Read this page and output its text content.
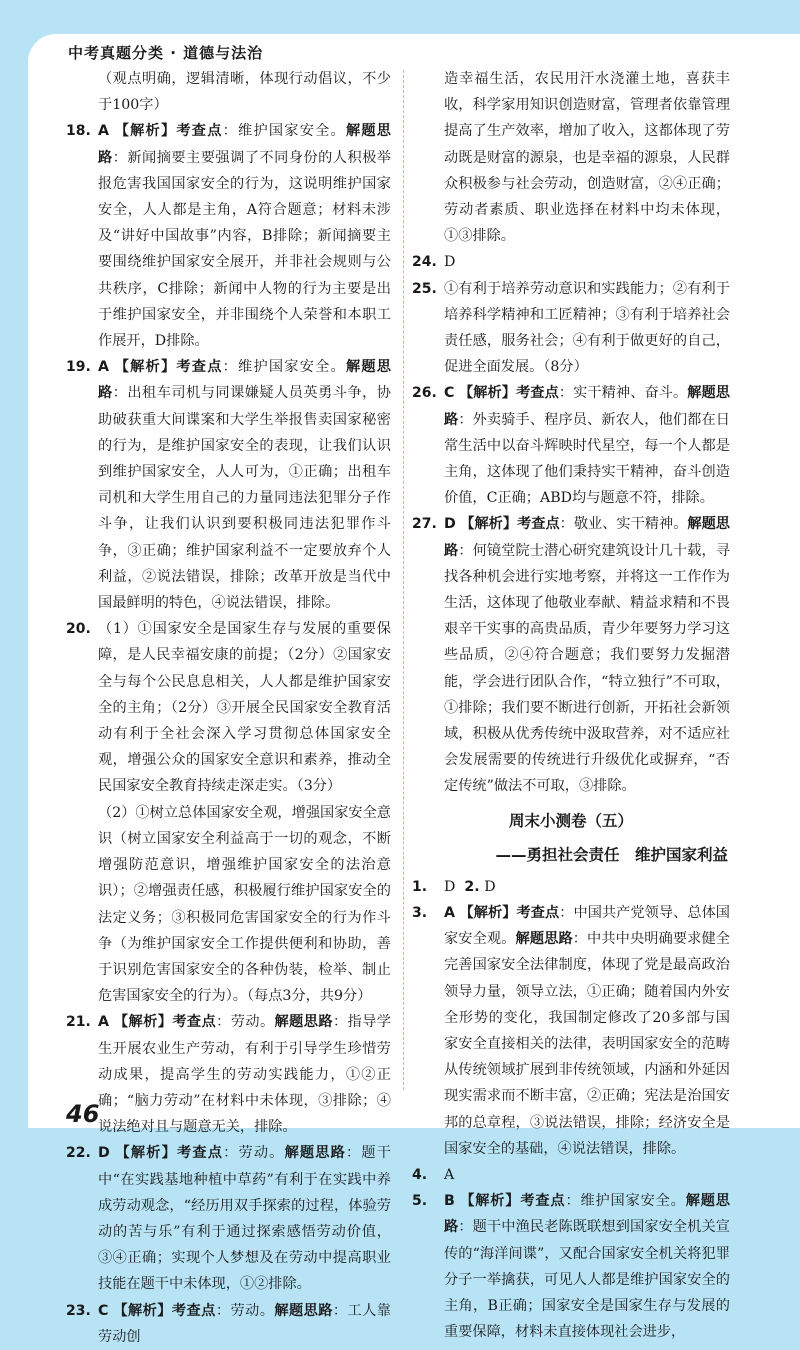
中考真题分类 · 道德与法治
（观点明确，逻辑清晰，体现行动倡议，不少于100字）
18. A 【解析】考查点：维护国家安全。解题思路：新闻摘要主要强调了不同身份的人积极举报危害我国国家安全的行为，这说明维护国家安全，人人都是主角，A符合题意；材料未涉及“讲好中国故事”内容，B排除；新闻摘要主要围绕维护国家安全展开，并非社会规则与公共秩序，C排除；新闻中人物的行为主要是出于维护国家安全，并非围绕个人荣誉和本职工作展开，D排除。
19. A 【解析】考查点：维护国家安全。解题思路：出租车司机与同课嫌疑人员英勇斗争，协助破获重大间谍案和大学生举报售卖国家秘密的行为，是维护国家安全的表现，让我们认识到维护国家安全，人人可为，①正确；出租车司机和大学生用自己的力量同违法犯罪分子作斗争，让我们认识到要积极同违法犯罪作斗争，③正确；维护国家利益不一定要放弃个人利益，②说法错误，排除；改革开放是当代中国最鲜明的特色，④说法错误，排除。
20. （1）①国家安全是国家生存与发展的重要保障，是人民幸福安康的前提；（2分）②国家安全与每个公民息息相关，人人都是维护国家安全的主角；（2分）③开展全民国家安全教育活动有利于全社会深入学习贯彻总体国家安全观，增强公众的国家安全意识和素养，推动全民国家安全教育持续走深走实。（3分）
（2）①树立总体国家安全观，增强国家安全意识（树立国家安全利益高于一切的观念，不断增强防范意识，增强维护国家安全的法治意识）；②增强责任感，积极履行维护国家安全的法定义务；③积极同危害国家安全的行为作斗争（为维护国家安全工作提供便利和协助，善于识别危害国家安全的各种伪装，检举、制止危害国家安全的行为）。（每点3分，共9分）
21. A 【解析】考查点：劳动。解题思路：指导学生开展农业生产劳动，有利于引导学生珍惜劳动成果，提高学生的劳动实践能力，①②正确；“脑力劳动”在材料中未体现，③排除；④说法绝对且与题意无关，排除。
22. D 【解析】考查点：劳动。解题思路：题干中“在实践基地种植中草药”有利于在实践中养成劳动观念，“经历用双手探索的过程，体验劳动的苦与乐”有利于通过探索感悟劳动价值，③④正确；实现个人梦想及在劳动中提高职业技能在题干中未体现，①②排除。
23. C 【解析】考查点：劳动。解题思路：工人靠劳动创
造幸福生活，农民用汗水浇灌土地，喜获丰收，科学家用知识创造财富，管理者依靠管理提高了生产效率，增加了收入，这都体现了劳动既是财富的源泉，也是幸福的源泉，人民群众积极参与社会劳动，创造财富，②④正确；劳动者素质、职业选择在材料中均未体现，①③排除。
24. D
25. ①有利于培养劳动意识和实践能力；②有利于培养科学精神和工匠精神；③有利于培养社会责任感，服务社会；④有利于做更好的自己，促进全面发展。（8分）
26. C 【解析】考查点：实干精神、奋斗。解题思路：外卖骑手、程序员、新农人，他们都在日常生活中以奋斗辉映时代星空，每一个人都是主角，这体现了他们秉持实干精神，奋斗创造价值，C正确；ABD均与题意不符，排除。
27. D 【解析】考查点：敬业、实干精神。解题思路：何镜堂院士潜心研究建筑设计几十载，寻找各种机会进行实地考察，并将这一工作作为生活，这体现了他敬业奉献、精益求精和不畏艰辛干实事的高贵品质，青少年要努力学习这些品质，②④符合题意；我们要努力发掘潜能，学会进行团队合作，“特立独行”不可取，①排除；我们要不断进行创新，开拓社会新领域，积极从优秀传统中汲取营养，对不适应社会发展需要的传统进行升级优化或摒弃，“否定传统”做法不可取，③排除。
周末小测卷（五）
——勇担社会责任　维护国家利益
1. D 2. D
3. A 【解析】考查点：中国共产党领导、总体国家安全观。解题思路：中共中央明确要求健全完善国家安全法律制度，体现了党是最高政治领导力量，领导立法，①正确；随着国内外安全形势的变化，我国制定修改了20多部与国家安全直接相关的法律，表明国家安全的范畴从传统领域扩展到非传统领域，内涵和外延因现实需求而不断丰富，②正确；宪法是治国安邦的总章程，③说法错误，排除；经济安全是国家安全的基础，④说法错误，排除。
4. A
5. B 【解析】考查点：维护国家安全。解题思路：题干中渔民老陈既联想到国家安全机关宣传的“海洋间谍”，又配合国家安全机关将犯罪分子一举擒获，可见人人都是维护国家安全的主角，B正确；国家安全是国家生存与发展的重要保障，材料未直接体现社会进步，
46
